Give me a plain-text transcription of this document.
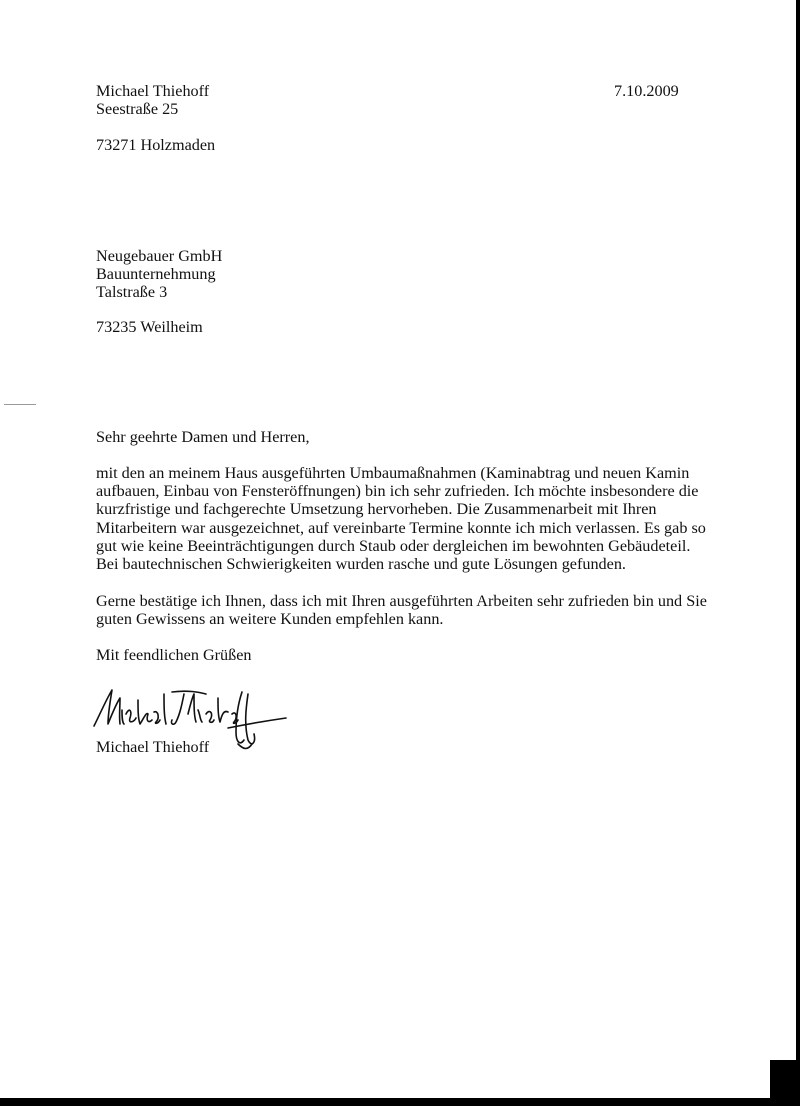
Michael Thiehoff
Seestraße 25
73271 Holzmaden
7.10.2009
Neugebauer GmbH
Bauunternehmung
Talstraße 3
73235 Weilheim
Sehr geehrte Damen und Herren,
mit den an meinem Haus ausgeführten Umbaumaßnahmen (Kaminabtrag und neuen Kamin
aufbauen, Einbau von Fensteröffnungen) bin ich sehr zufrieden. Ich möchte insbesondere die
kurzfristige und fachgerechte Umsetzung hervorheben. Die Zusammenarbeit mit Ihren
Mitarbeitern war ausgezeichnet, auf vereinbarte Termine konnte ich mich verlassen. Es gab so
gut wie keine Beeinträchtigungen durch Staub oder dergleichen im bewohnten Gebäudeteil.
Bei bautechnischen Schwierigkeiten wurden rasche und gute Lösungen gefunden.
Gerne bestätige ich Ihnen, dass ich mit Ihren ausgeführten Arbeiten sehr zufrieden bin und Sie
guten Gewissens an weitere Kunden empfehlen kann.
Mit feendlichen Grüßen
Michael Thiehoff
